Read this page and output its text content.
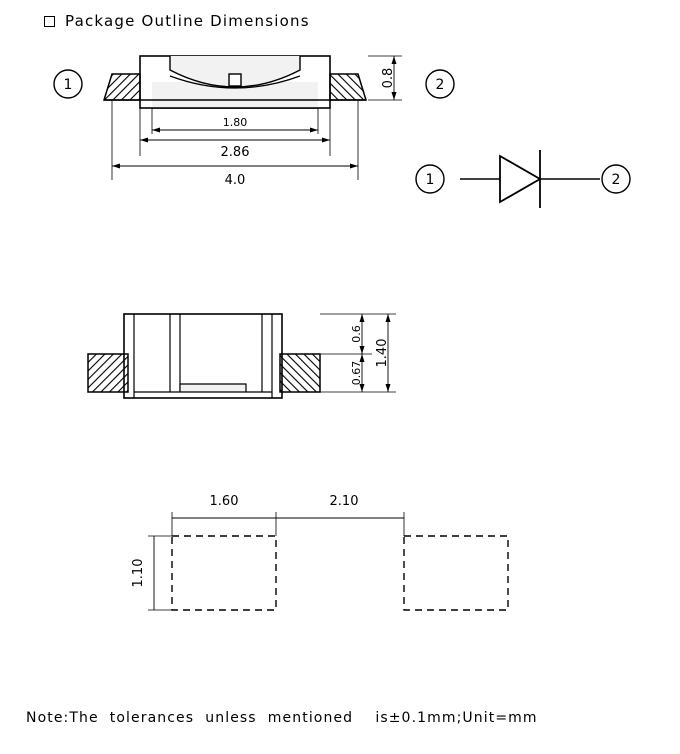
Package Outline Dimensions
1	2
0.8
1.80
2.86
4.0	1	2
0.6
0.67
1.40
1.60	2.10
1.10
Note:The  tolerances  unless  mentioned    is±0.1mm;Unit=mm
